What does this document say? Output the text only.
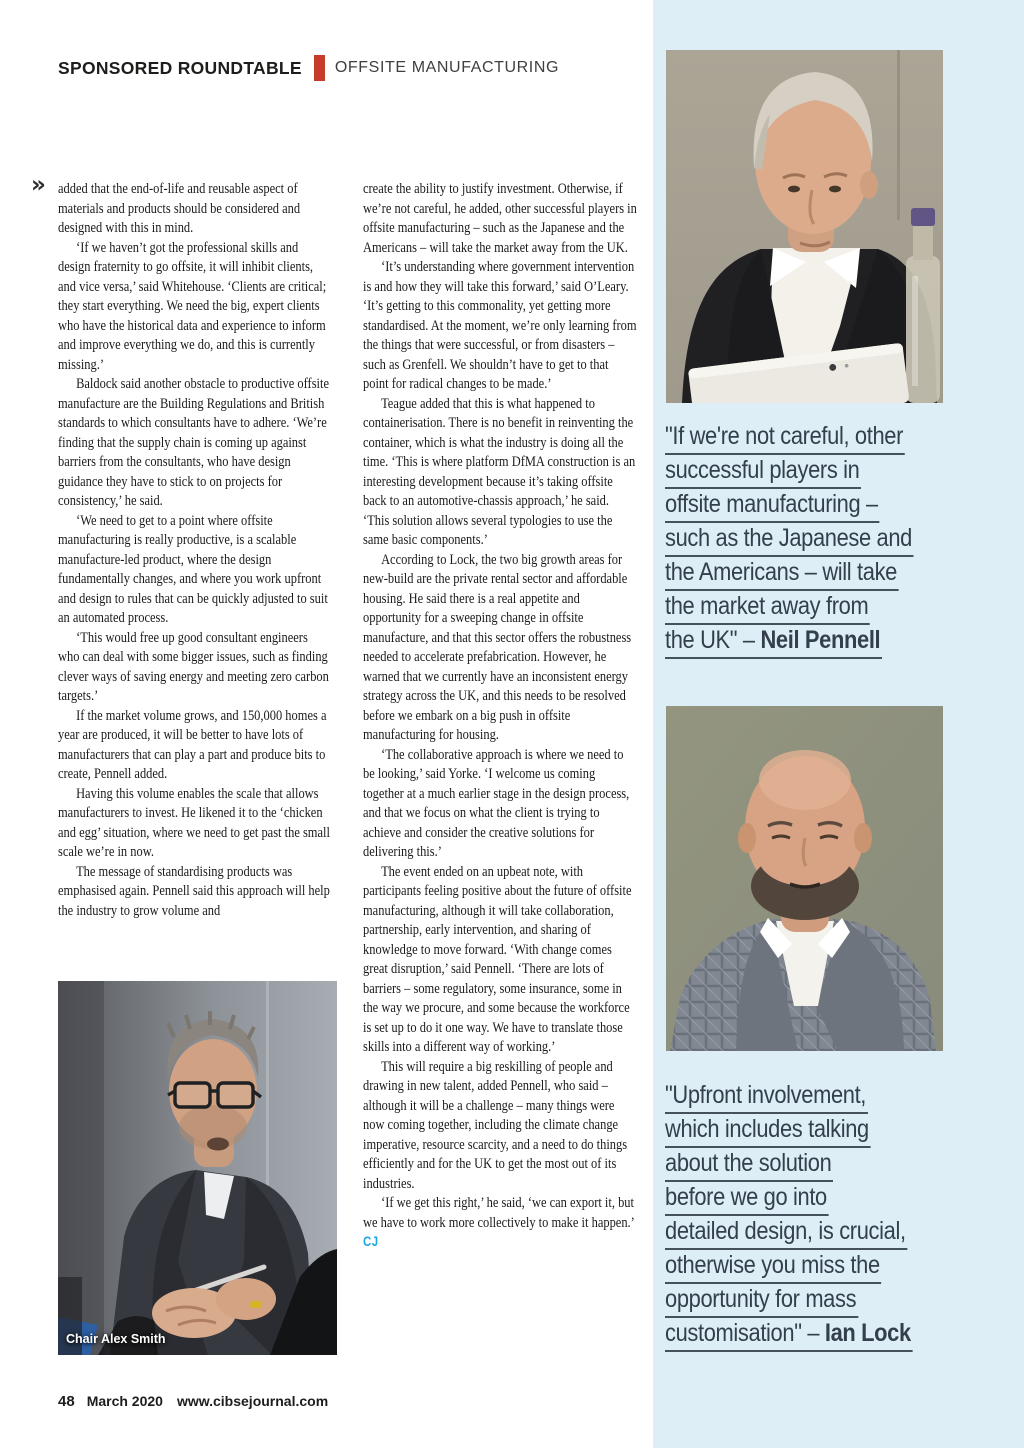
SPONSORED ROUNDTABLE OFFSITE MANUFACTURING
» added that the end-of-life and reusable aspect of materials and products should be considered and designed with this in mind.

‘If we haven’t got the professional skills and design fraternity to go offsite, it will inhibit clients, and vice versa,’ said Whitehouse. ‘Clients are critical; they start everything. We need the big, expert clients who have the historical data and experience to inform and improve everything we do, and this is currently missing.’

Baldock said another obstacle to productive offsite manufacture are the Building Regulations and British standards to which consultants have to adhere. ‘We’re finding that the supply chain is coming up against barriers from the consultants, who have design guidance they have to stick to on projects for consistency,’ he said.

‘We need to get to a point where offsite manufacturing is really productive, is a scalable manufacture-led product, where the design fundamentally changes, and where you work upfront and design to rules that can be quickly adjusted to suit an automated process.

‘This would free up good consultant engineers who can deal with some bigger issues, such as finding clever ways of saving energy and meeting zero carbon targets.’

If the market volume grows, and 150,000 homes a year are produced, it will be better to have lots of manufacturers that can play a part and produce bits to create, Pennell added.

Having this volume enables the scale that allows manufacturers to invest. He likened it to the ‘chicken and egg’ situation, where we need to get past the small scale we’re in now.

The message of standardising products was emphasised again. Pennell said this approach will help the industry to grow volume and

create the ability to justify investment. Otherwise, if we’re not careful, he added, other successful players in offsite manufacturing – such as the Japanese and the Americans – will take the market away from the UK.

‘It’s understanding where government intervention is and how they will take this forward,’ said O’Leary. ‘It’s getting to this commonality, yet getting more standardised. At the moment, we’re only learning from the things that were successful, or from disasters – such as Grenfell. We shouldn’t have to get to that point for radical changes to be made.’

Teague added that this is what happened to containerisation. There is no benefit in reinventing the container, which is what the industry is doing all the time. ‘This is where platform DfMA construction is an interesting development because it’s taking offsite back to an automotive-chassis approach,’ he said. ‘This solution allows several typologies to use the same basic components.’

According to Lock, the two big growth areas for new-build are the private rental sector and affordable housing. He said there is a real appetite and opportunity for a sweeping change in offsite manufacture, and that this sector offers the robustness needed to accelerate prefabrication. However, he warned that we currently have an inconsistent energy strategy across the UK, and this needs to be resolved before we embark on a big push in offsite manufacturing for housing.

‘The collaborative approach is where we need to be looking,’ said Yorke. ‘I welcome us coming together at a much earlier stage in the design process, and that we focus on what the client is trying to achieve and consider the creative solutions for delivering this.’

The event ended on an upbeat note, with participants feeling positive about the future of offsite manufacturing, although it will take collaboration, partnership, early intervention, and sharing of knowledge to move forward. ‘With change comes great disruption,’ said Pennell. ‘There are lots of barriers – some regulatory, some insurance, some in the way we procure, and some because the workforce is set up to do it one way. We have to translate those skills into a different way of working.’

This will require a big reskilling of people and drawing in new talent, added Pennell, who said – although it will be a challenge – many things were now coming together, including the climate change imperative, resource scarcity, and a need to do things efficiently and for the UK to get the most out of its industries.

‘If we get this right,’ he said, ‘we can export it, but we have to work more collectively to make it happen.’ CJ

"If we're not careful, other
successful players in
offsite manufacturing –
such as the Japanese and
the Americans – will take
the market away from
the UK" – Neil Pennell
"Upfront involvement,
which includes talking
about the solution
before we go into
detailed design, is crucial,
otherwise you miss the
opportunity for mass
customisation" – Ian Lock
Chair Alex Smith
48 March 2020 www.cibsejournal.com
